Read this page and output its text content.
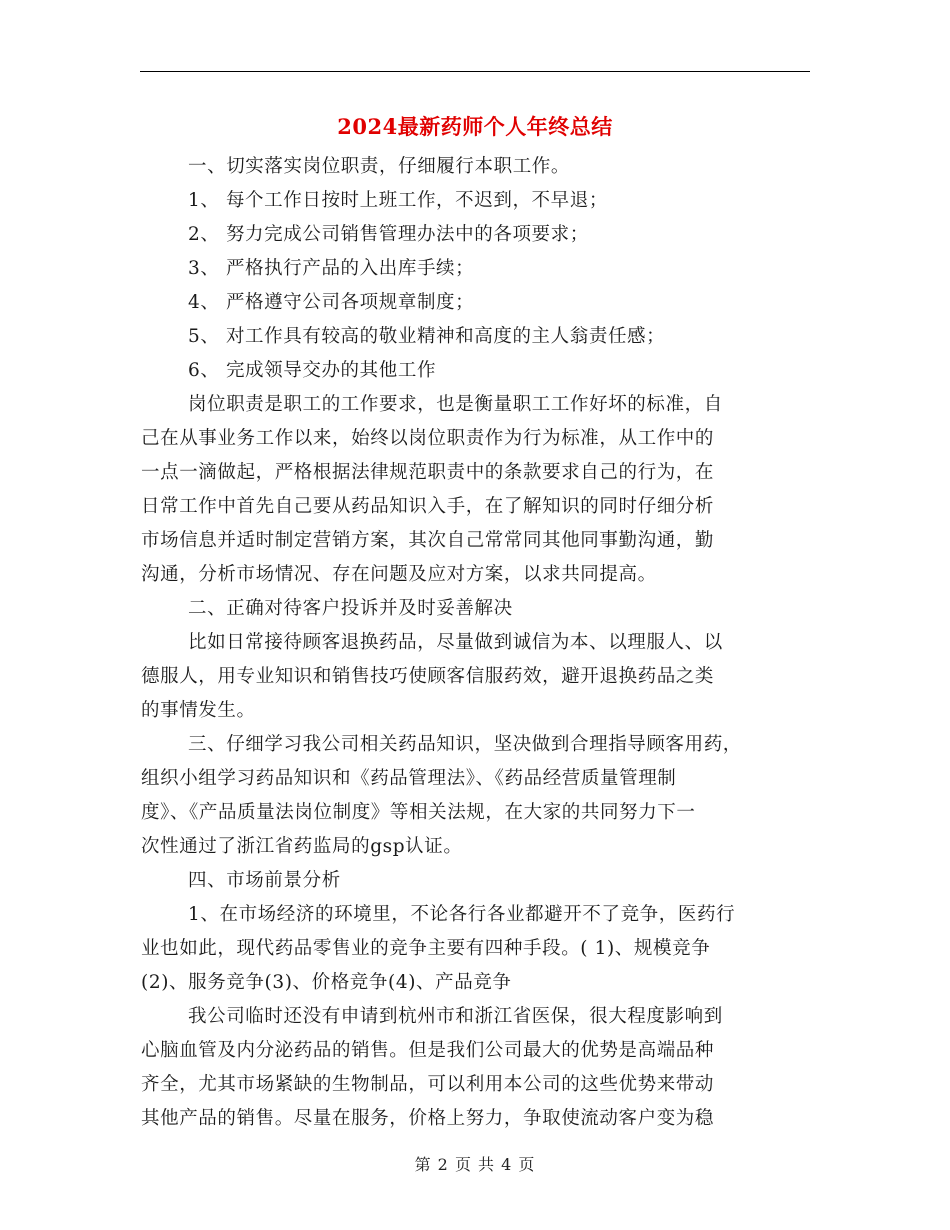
2024最新药师个人年终总结
一、切实落实岗位职责，仔细履行本职工作。
1、 每个工作日按时上班工作，不迟到，不早退；
2、 努力完成公司销售管理办法中的各项要求；
3、 严格执行产品的入出库手续；
4、 严格遵守公司各项规章制度；
5、 对工作具有较高的敬业精神和高度的主人翁责任感；
6、 完成领导交办的其他工作
岗位职责是职工的工作要求，也是衡量职工工作好坏的标准，自
己在从事业务工作以来，始终以岗位职责作为行为标准，从工作中的
一点一滴做起，严格根据法律规范职责中的条款要求自己的行为，在
日常工作中首先自己要从药品知识入手，在了解知识的同时仔细分析
市场信息并适时制定营销方案，其次自己常常同其他同事勤沟通，勤
沟通，分析市场情况、存在问题及应对方案，以求共同提高。
二、正确对待客户投诉并及时妥善解决
比如日常接待顾客退换药品，尽量做到诚信为本、以理服人、以
德服人，用专业知识和销售技巧使顾客信服药效，避开退换药品之类
的事情发生。
三、仔细学习我公司相关药品知识，坚决做到合理指导顾客用药，
组织小组学习药品知识和《药品管理法》、《药品经营质量管理制
度》、《产品质量法岗位制度》等相关法规，在大家的共同努力下一
次性通过了浙江省药监局的gsp认证。
四、市场前景分析
1、在市场经济的环境里，不论各行各业都避开不了竞争，医药行
业也如此，现代药品零售业的竞争主要有四种手段。( 1)、规模竞争
(2)、服务竞争(3)、价格竞争(4)、产品竞争
我公司临时还没有申请到杭州市和浙江省医保，很大程度影响到
心脑血管及内分泌药品的销售。但是我们公司最大的优势是高端品种
齐全，尤其市场紧缺的生物制品，可以利用本公司的这些优势来带动
其他产品的销售。尽量在服务，价格上努力，争取使流动客户变为稳
第 2 页 共 4 页
